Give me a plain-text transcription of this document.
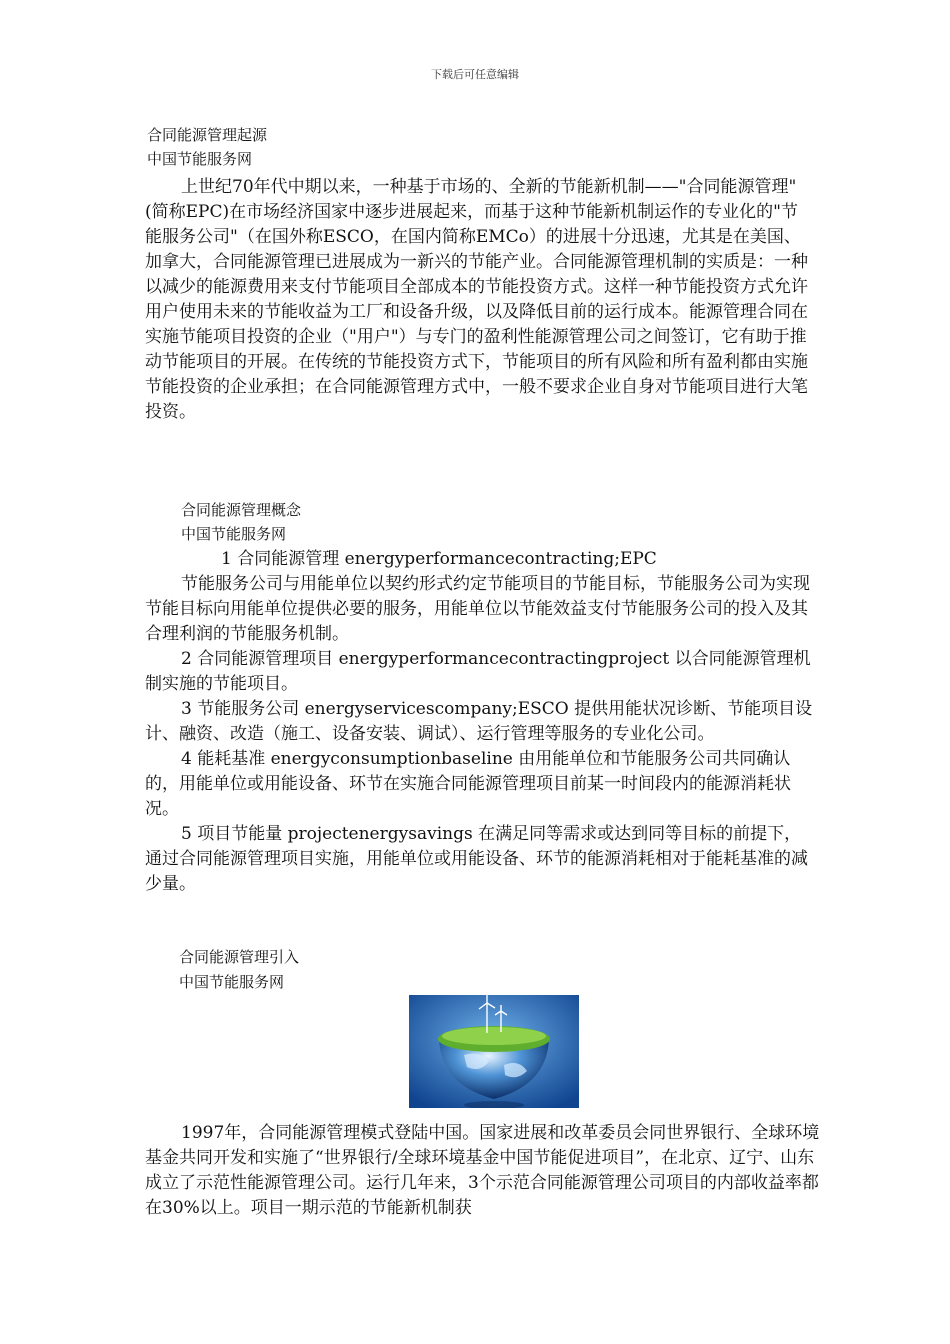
下载后可任意编辑
合同能源管理起源
中国节能服务网

上世纪70年代中期以来，一种基于市场的、全新的节能新机制——"合同能源管理"(简称EPC)在市场经济国家中逐步进展起来，而基于这种节能新机制运作的专业化的"节能服务公司"（在国外称ESCO，在国内简称EMCo）的进展十分迅速，尤其是在美国、加拿大，合同能源管理已进展成为一新兴的节能产业。合同能源管理机制的实质是：一种以减少的能源费用来支付节能项目全部成本的节能投资方式。这样一种节能投资方式允许用户使用未来的节能收益为工厂和设备升级，以及降低目前的运行成本。能源管理合同在实施节能项目投资的企业（"用户"）与专门的盈利性能源管理公司之间签订，它有助于推动节能项目的开展。在传统的节能投资方式下，节能项目的所有风险和所有盈利都由实施节能投资的企业承担；在合同能源管理方式中，一般不要求企业自身对节能项目进行大笔投资。

合同能源管理概念
中国节能服务网

1 合同能源管理 energyperformancecontracting;EPC

节能服务公司与用能单位以契约形式约定节能项目的节能目标，节能服务公司为实现节能目标向用能单位提供必要的服务，用能单位以节能效益支付节能服务公司的投入及其合理利润的节能服务机制。

2 合同能源管理项目 energyperformancecontractingproject 以合同能源管理机制实施的节能项目。

3 节能服务公司 energyservicescompany;ESCO 提供用能状况诊断、节能项目设计、融资、改造（施工、设备安装、调试）、运行管理等服务的专业化公司。

4 能耗基准 energyconsumptionbaseline 由用能单位和节能服务公司共同确认的，用能单位或用能设备、环节在实施合同能源管理项目前某一时间段内的能源消耗状况。

5 项目节能量 projectenergysavings 在满足同等需求或达到同等目标的前提下，通过合同能源管理项目实施，用能单位或用能设备、环节的能源消耗相对于能耗基准的减少量。

合同能源管理引入
中国节能服务网

1997年，合同能源管理模式登陆中国。国家进展和改革委员会同世界银行、全球环境基金共同开发和实施了“世界银行/全球环境基金中国节能促进项目”，在北京、辽宁、山东成立了示范性能源管理公司。运行几年来，3个示范合同能源管理公司项目的内部收益率都在30%以上。项目一期示范的节能新机制获
